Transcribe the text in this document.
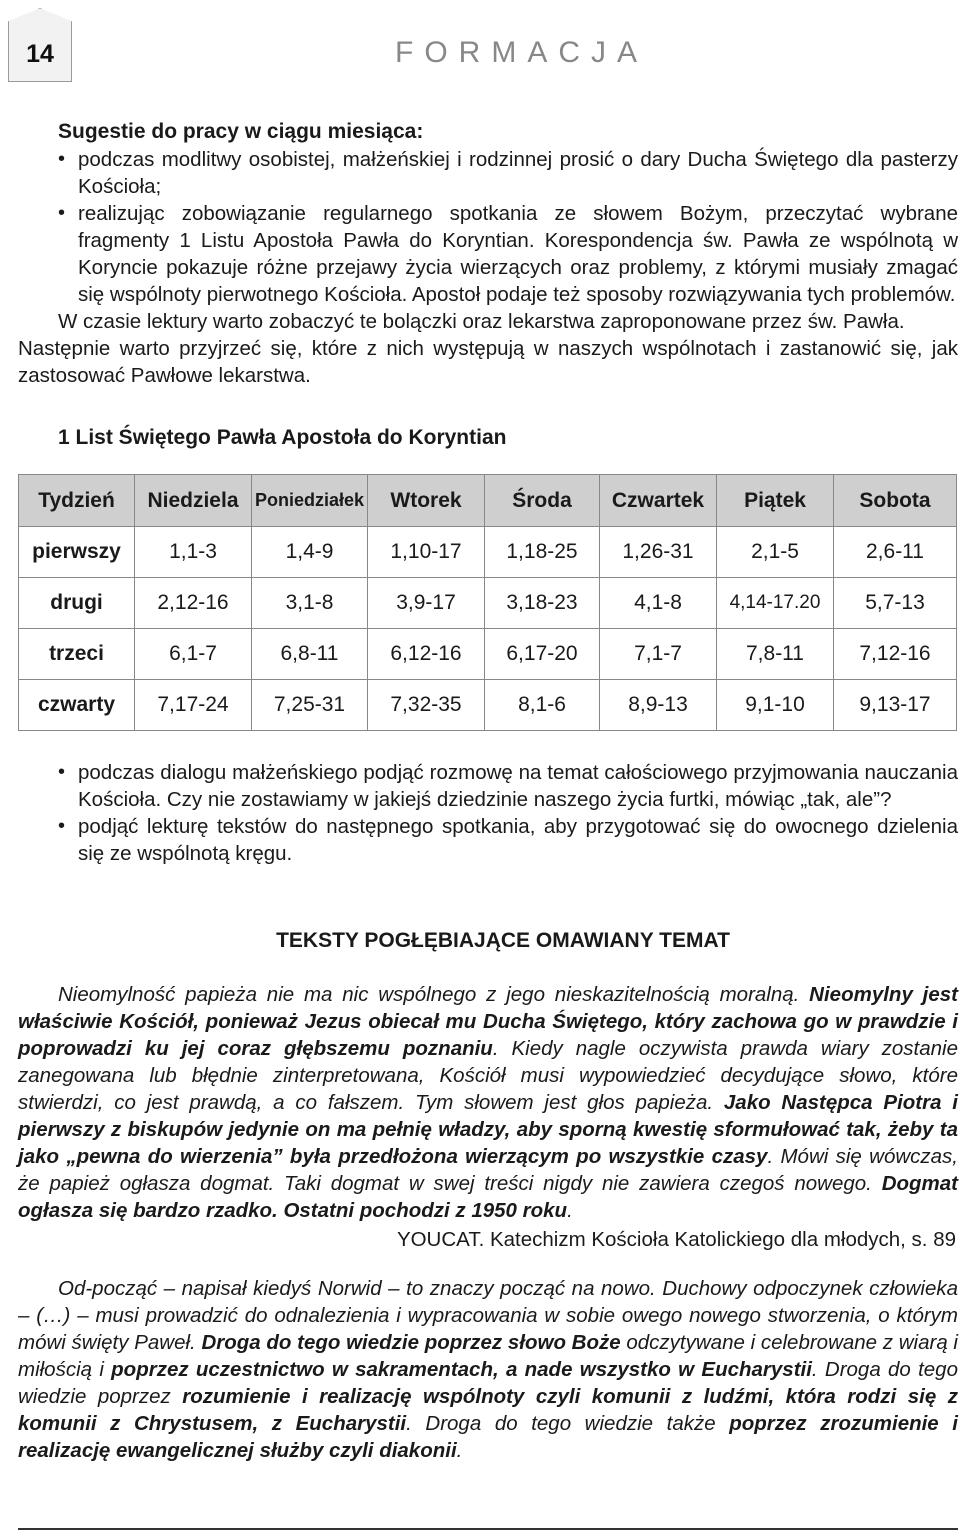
14	FORMACJA
Sugestie do pracy w ciągu miesiąca:
• podczas modlitwy osobistej, małżeńskiej i rodzinnej prosić o dary Ducha Świętego dla pasterzy Kościoła;
• realizując zobowiązanie regularnego spotkania ze słowem Bożym, przeczytać wybrane fragmenty 1 Listu Apostoła Pawła do Koryntian. Korespondencja św. Pawła ze wspólnotą w Koryncie pokazuje różne przejawy życia wierzących oraz problemy, z którymi musiały zmagać się wspólnoty pierwotnego Kościoła. Apostoł podaje też sposoby rozwiązywania tych problemów.

W czasie lektury warto zobaczyć te bolączki oraz lekarstwa zaproponowane przez św. Pawła.

Następnie warto przyjrzeć się, które z nich występują w naszych wspólnotach i zastanowić się, jak zastosować Pawłowe lekarstwa.

1 List Świętego Pawła Apostoła do Koryntian
Tydzień	Niedziela	Poniedziałek	Wtorek	Środa	Czwartek	Piątek	Sobota
pierwszy	1,1-3	1,4-9	1,10-17	1,18-25	1,26-31	2,1-5	2,6-11
drugi	2,12-16	3,1-8	3,9-17	3,18-23	4,1-8	4,14-17.20	5,7-13
trzeci	6,1-7	6,8-11	6,12-16	6,17-20	7,1-7	7,8-11	7,12-16
czwarty	7,17-24	7,25-31	7,32-35	8,1-6	8,9-13	9,1-10	9,13-17
• podczas dialogu małżeńskiego podjąć rozmowę na temat całościowego przyjmowania nauczania Kościoła. Czy nie zostawiamy w jakiejś dziedzinie naszego życia furtki, mówiąc „tak, ale”?
• podjąć lekturę tekstów do następnego spotkania, aby przygotować się do owocnego dzielenia się ze wspólnotą kręgu.
TEKSTY POGŁĘBIAJĄCE OMAWIANY TEMAT

Nieomylność papieża nie ma nic wspólnego z jego nieskazitelnością moralną. Nieomylny jest właściwie Kościół, ponieważ Jezus obiecał mu Ducha Świętego, który zachowa go w prawdzie i poprowadzi ku jej coraz głębszemu poznaniu. Kiedy nagle oczywista prawda wiary zostanie zanegowana lub błędnie zinterpretowana, Kościół musi wypowiedzieć decydujące słowo, które stwierdzi, co jest prawdą, a co fałszem. Tym słowem jest głos papieża. Jako Następca Piotra i pierwszy z biskupów jedynie on ma pełnię władzy, aby sporną kwestię sformułować tak, żeby ta jako „pewna do wierzenia” była przedłożona wierzącym po wszystkie czasy. Mówi się wówczas, że papież ogłasza dogmat. Taki dogmat w swej treści nigdy nie zawiera czegoś nowego. Dogmat ogłasza się bardzo rzadko. Ostatni pochodzi z 1950 roku.

YOUCAT. Katechizm Kościoła Katolickiego dla młodych, s. 89

Od-począć – napisał kiedyś Norwid – to znaczy począć na nowo. Duchowy odpoczynek człowieka – (…) – musi prowadzić do odnalezienia i wypracowania w sobie owego nowego stworzenia, o którym mówi święty Paweł. Droga do tego wiedzie poprzez słowo Boże odczytywane i celebrowane z wiarą i miłością i poprzez uczestnictwo w sakramentach, a nade wszystko w Eucharystii. Droga do tego wiedzie poprzez rozumienie i realizację wspólnoty czyli komunii z ludźmi, która rodzi się z komunii z Chrystusem, z Eucharystii. Droga do tego wiedzie także poprzez zrozumienie i realizację ewangelicznej służby czyli diakonii.
